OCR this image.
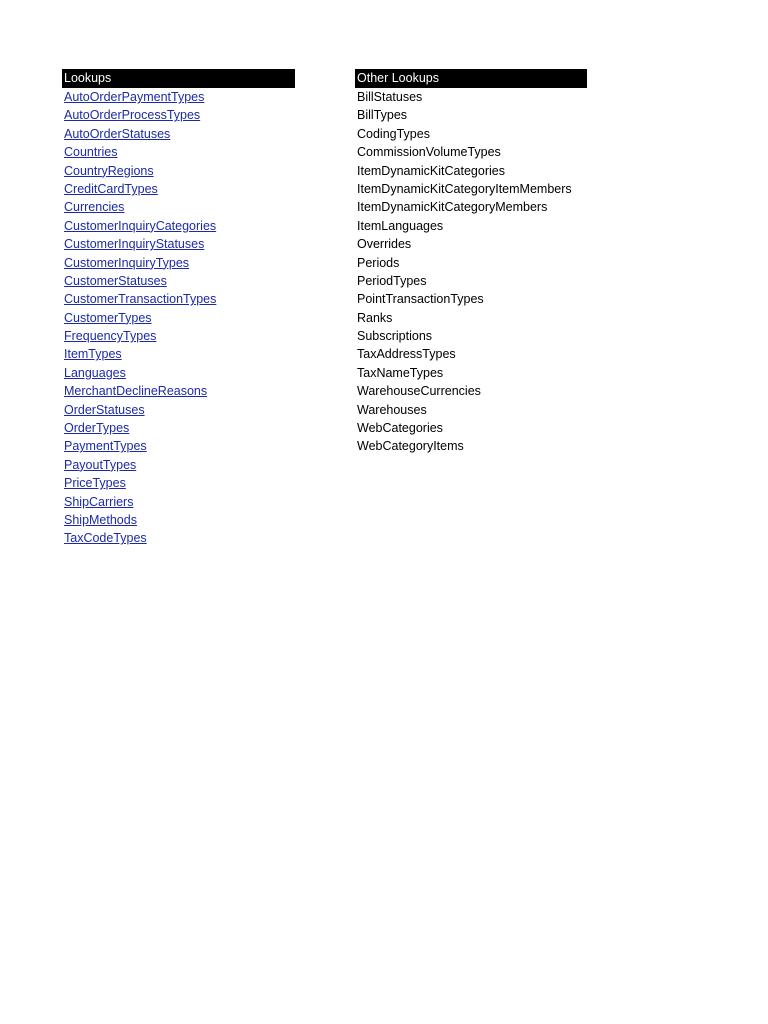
Lookups
AutoOrderPaymentTypes
AutoOrderProcessTypes
AutoOrderStatuses
Countries
CountryRegions
CreditCardTypes
Currencies
CustomerInquiryCategories
CustomerInquiryStatuses
CustomerInquiryTypes
CustomerStatuses
CustomerTransactionTypes
CustomerTypes
FrequencyTypes
ItemTypes
Languages
MerchantDeclineReasons
OrderStatuses
OrderTypes
PaymentTypes
PayoutTypes
PriceTypes
ShipCarriers
ShipMethods
TaxCodeTypes
Other Lookups
BillStatuses
BillTypes
CodingTypes
CommissionVolumeTypes
ItemDynamicKitCategories
ItemDynamicKitCategoryItemMembers
ItemDynamicKitCategoryMembers
ItemLanguages
Overrides
Periods
PeriodTypes
PointTransactionTypes
Ranks
Subscriptions
TaxAddressTypes
TaxNameTypes
WarehouseCurrencies
Warehouses
WebCategories
WebCategoryItems
